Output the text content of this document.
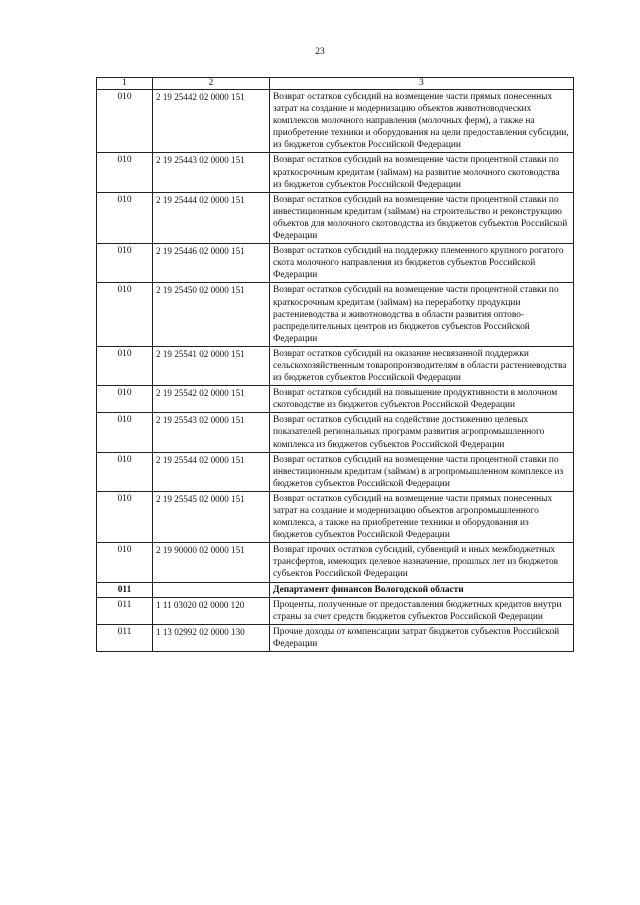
23
1	2	3
010	2 19 25442 02 0000 151	Возврат остатков субсидий на возмещение части прямых понесенных затрат на создание и модернизацию объектов животноводческих комплексов молочного направления (молочных ферм), а также на приобретение техники и оборудования на цели предоставления субсидии, из бюджетов субъектов Российской Федерации
010	2 19 25443 02 0000 151	Возврат остатков субсидий на возмещение части процентной ставки по краткосрочным кредитам (займам) на развитие молочного скотоводства из бюджетов субъектов Российской Федерации
010	2 19 25444 02 0000 151	Возврат остатков субсидий на возмещение части процентной ставки по инвестиционным кредитам (займам) на строительство и реконструкцию объектов для молочного скотоводства из бюджетов субъектов Российской Федерации
010	2 19 25446 02 0000 151	Возврат остатков субсидий на поддержку племенного крупного рогатого скота молочного направления из бюджетов субъектов Российской Федерации
010	2 19 25450 02 0000 151	Возврат остатков субсидий на возмещение части процентной ставки по краткосрочным кредитам (займам) на переработку продукции растениеводства и животноводства в области развития оптово-распределительных центров из бюджетов субъектов Российской Федерации
010	2 19 25541 02 0000 151	Возврат остатков субсидий на оказание несвязанной поддержки сельскохозяйственным товаропроизводителям в области растениеводства из бюджетов субъектов Российской Федерации
010	2 19 25542 02 0000 151	Возврат остатков субсидий на повышение продуктивности в молочном скотоводстве из бюджетов субъектов Российской Федерации
010	2 19 25543 02 0000 151	Возврат остатков субсидий на содействие достижению целевых показателей региональных программ развития агропромышленного комплекса из бюджетов субъектов Российской Федерации
010	2 19 25544 02 0000 151	Возврат остатков субсидий на возмещение части процентной ставки по инвестиционным кредитам (займам) в агропромышленном комплексе из бюджетов субъектов Российской Федерации
010	2 19 25545 02 0000 151	Возврат остатков субсидий на возмещение части прямых понесенных затрат на создание и модернизацию объектов агропромышленного комплекса, а также на приобретение техники и оборудования из бюджетов субъектов Российской Федерации
010	2 19 90000 02 0000 151	Возврат прочих остатков субсидий, субвенций и иных межбюджетных трансфертов, имеющих целевое назначение, прошлых лет из бюджетов субъектов Российской Федерации
011		Департамент финансов Вологодской области
011	1 11 03020 02 0000 120	Проценты, полученные от предоставления бюджетных кредитов внутри страны за счет средств бюджетов субъектов Российской Федерации
011	1 13 02992 02 0000 130	Прочие доходы от компенсации затрат бюджетов субъектов Российской Федерации
